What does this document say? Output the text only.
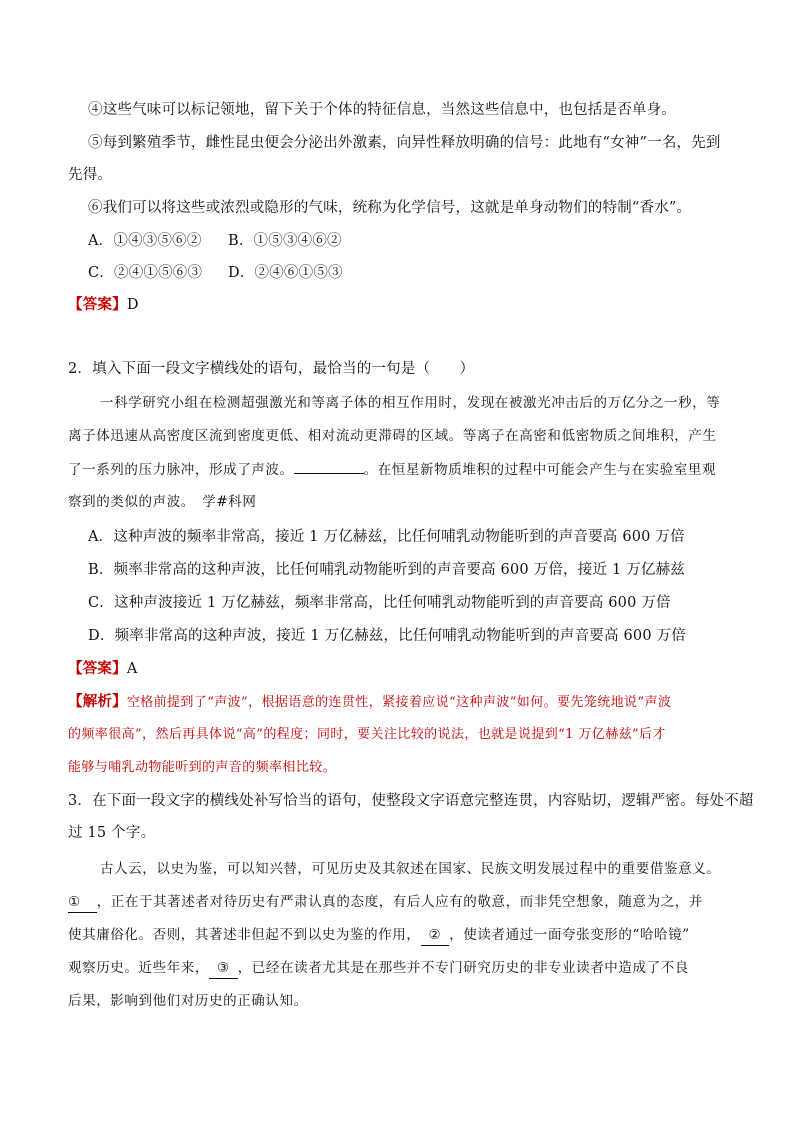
④这些气味可以标记领地，留下关于个体的特征信息，当然这些信息中，也包括是否单身。
⑤每到繁殖季节，雌性昆虫便会分泌出外激素，向异性释放明确的信号：此地有“女神”一名，先到
先得。
⑥我们可以将这些或浓烈或隐形的气味，统称为化学信号，这就是单身动物们的特制“香水”。
A．①④③⑤⑥② B．①⑤③④⑥②
C．②④①⑤⑥③ D．②④⑥①⑤③
【答案】D
2．填入下面一段文字横线处的语句，最恰当的一句是（　　）
一科学研究小组在检测超强激光和等离子体的相互作用时，发现在被激光冲击后的万亿分之一秒，等
离子体迅速从高密度区流到密度更低、相对流动更滞碍的区域。等离子在高密和低密物质之间堆积，产生
了一系列的压力脉冲，形成了声波。	。在恒星新物质堆积的过程中可能会产生与在实验室里观
察到的类似的声波。　学#科网
A．这种声波的频率非常高，接近 1 万亿赫兹，比任何哺乳动物能听到的声音要高 600 万倍
B．频率非常高的这种声波，比任何哺乳动物能听到的声音要高 600 万倍，接近 1 万亿赫兹
C．这种声波接近 1 万亿赫兹，频率非常高，比任何哺乳动物能听到的声音要高 600 万倍
D．频率非常高的这种声波，接近 1 万亿赫兹，比任何哺乳动物能听到的声音要高 600 万倍
【答案】A
【解析】空格前提到了“声波”，根据语意的连贯性，紧接着应说“这种声波”如何。要先笼统地说“声波
的频率很高”，然后再具体说“高”的程度；同时，要关注比较的说法，也就是说提到“1 万亿赫兹”后才
能够与哺乳动物能听到的声音的频率相比较。
3．在下面一段文字的横线处补写恰当的语句，使整段文字语意完整连贯，内容贴切，逻辑严密。每处不超
过 15 个字。
古人云，以史为鉴，可以知兴替，可见历史及其叙述在国家、民族文明发展过程中的重要借鉴意义。
① ，正在于其著述者对待历史有严肃认真的态度，有后人应有的敬意，而非凭空想象，随意为之，并
使其庸俗化。否则，其著述非但起不到以史为鉴的作用， ② ，使读者通过一面夸张变形的“哈哈镜”
观察历史。近些年来， ③ ，已经在读者尤其是在那些并不专门研究历史的非专业读者中造成了不良
后果，影响到他们对历史的正确认知。
